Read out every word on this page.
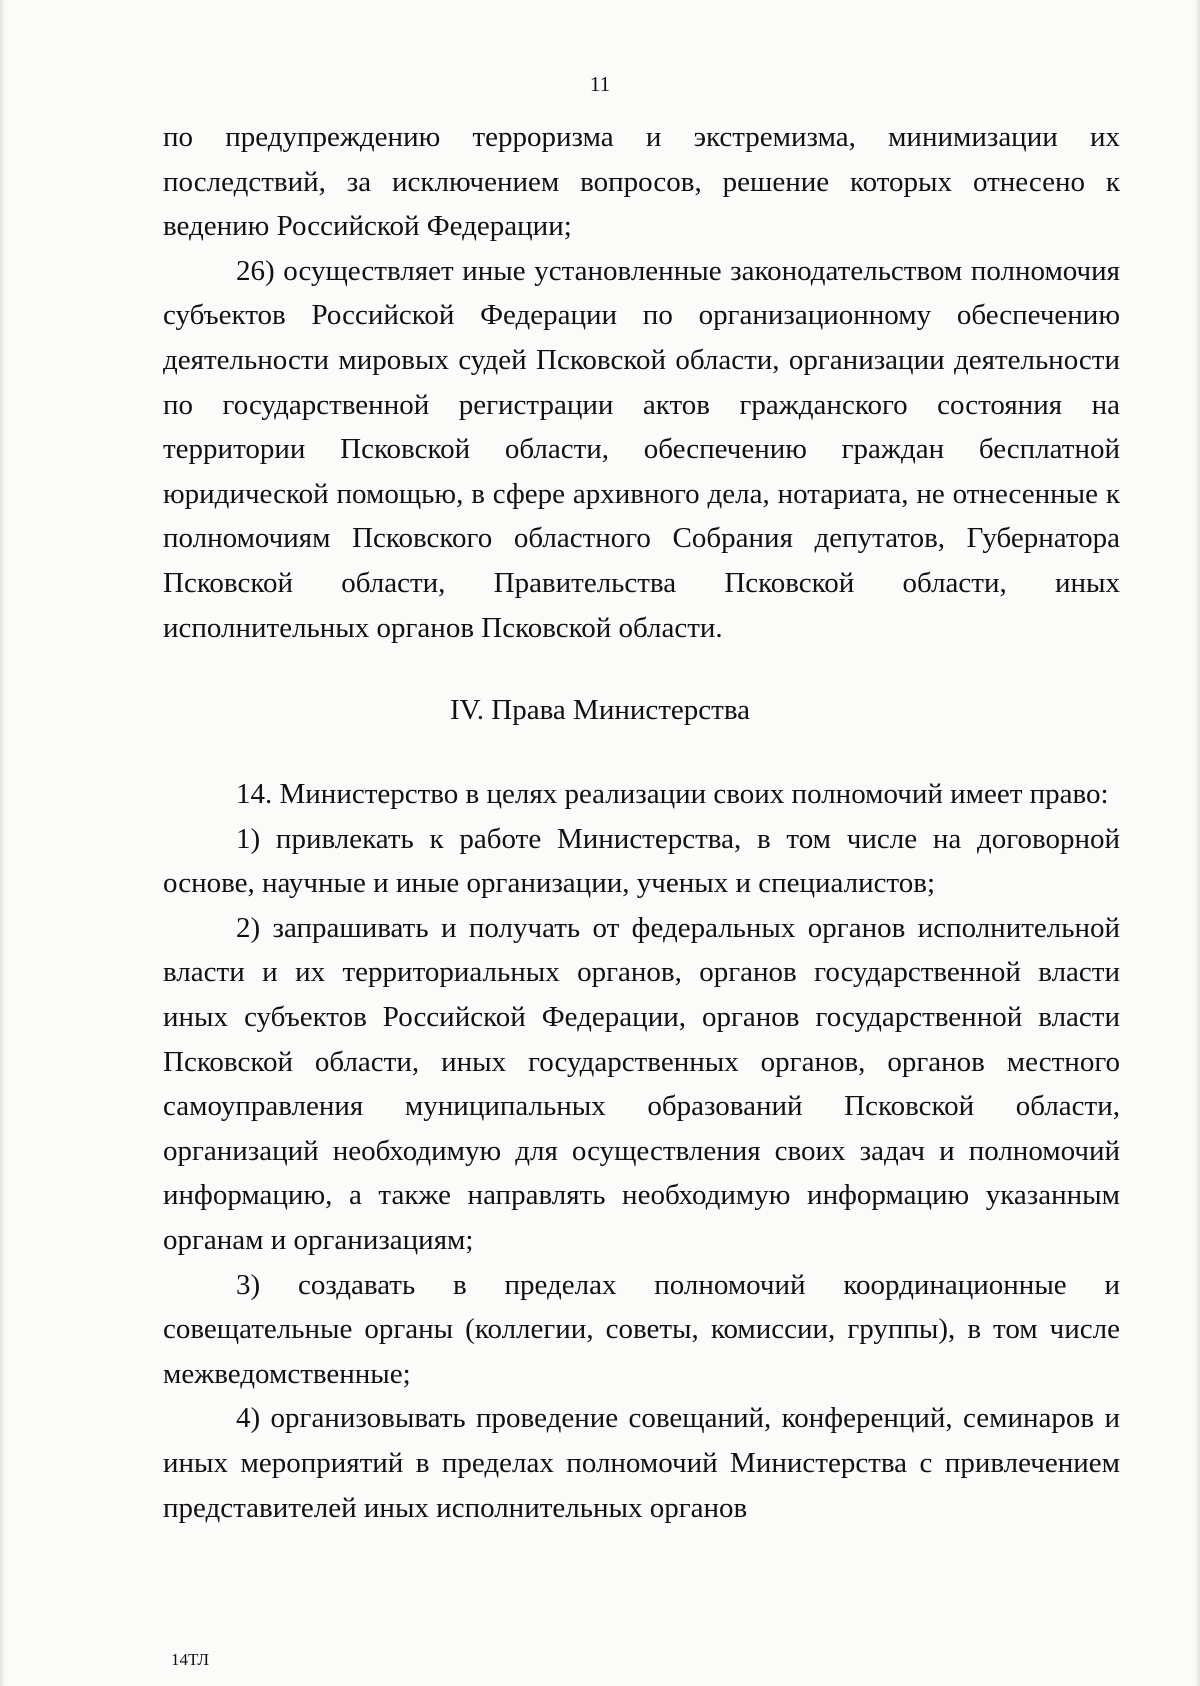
11

по предупреждению терроризма и экстремизма, минимизации их последствий, за исключением вопросов, решение которых отнесено к ведению Российской Федерации;

26) осуществляет иные установленные законодательством полномочия субъектов Российской Федерации по организационному обеспечению деятельности мировых судей Псковской области, организации деятельности по государственной регистрации актов гражданского состояния на территории Псковской области, обеспечению граждан бесплатной юридической помощью, в сфере архивного дела, нотариата, не отнесенные к полномочиям Псковского областного Собрания депутатов, Губернатора Псковской области, Правительства Псковской области, иных исполнительных органов Псковской области.

IV. Права Министерства

14. Министерство в целях реализации своих полномочий имеет право:

1) привлекать к работе Министерства, в том числе на договорной основе, научные и иные организации, ученых и специалистов;

2) запрашивать и получать от федеральных органов исполнительной власти и их территориальных органов, органов государственной власти иных субъектов Российской Федерации, органов государственной власти Псковской области, иных государственных органов, органов местного самоуправления муниципальных образований Псковской области, организаций необходимую для осуществления своих задач и полномочий информацию, а также направлять необходимую информацию указанным органам и организациям;

3) создавать в пределах полномочий координационные и совещательные органы (коллегии, советы, комиссии, группы), в том числе межведомственные;

4) организовывать проведение совещаний, конференций, семинаров и иных мероприятий в пределах полномочий Министерства с привлечением представителей иных исполнительных органов

14ТЛ
